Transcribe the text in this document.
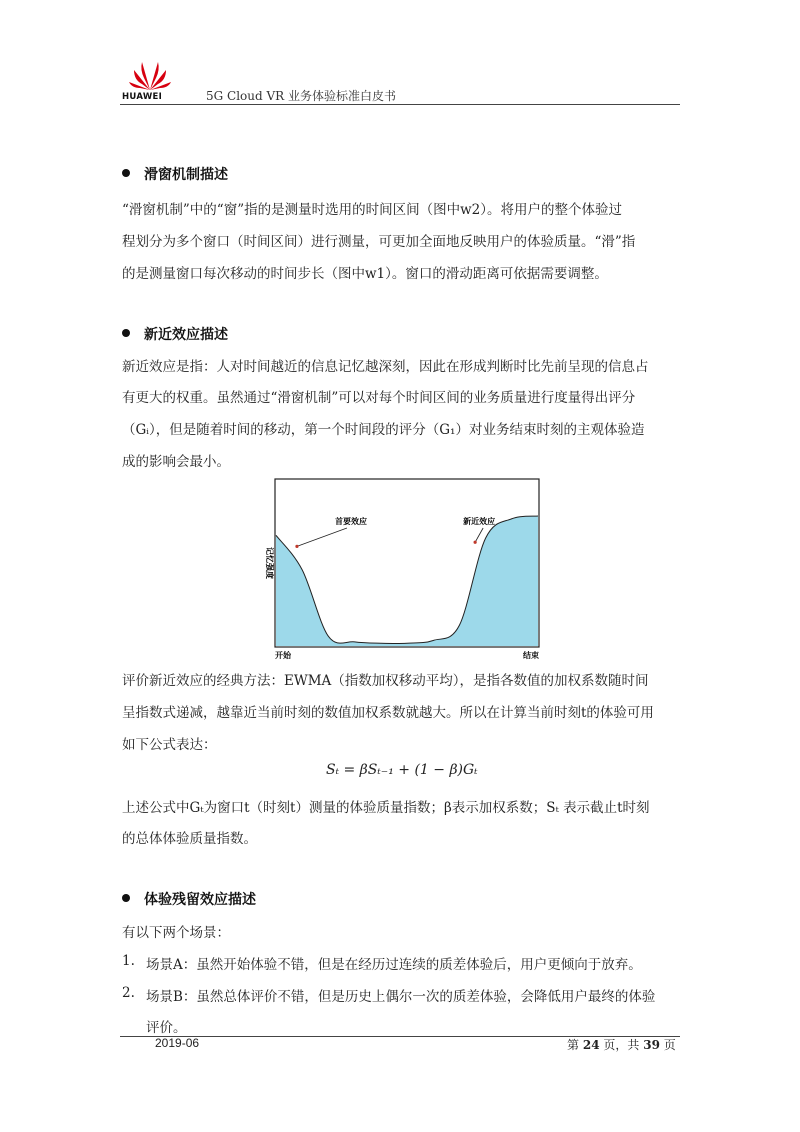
HUAWEI	5G Cloud VR 业务体验标准白皮书
滑窗机制描述
“滑窗机制”中的“窗”指的是测量时选用的时间区间（图中w2）。将用户的整个体验过
程划分为多个窗口（时间区间）进行测量，可更加全面地反映用户的体验质量。“滑”指
的是测量窗口每次移动的时间步长（图中w1）。窗口的滑动距离可依据需要调整。
新近效应描述
新近效应是指：人对时间越近的信息记忆越深刻，因此在形成判断时比先前呈现的信息占
有更大的权重。虽然通过“滑窗机制”可以对每个时间区间的业务质量进行度量得出评分
（Gᵢ），但是随着时间的移动，第一个时间段的评分（G₁）对业务结束时刻的主观体验造
成的影响会最小。
记忆强度
开始	结束
首要效应	新近效应
评价新近效应的经典方法：EWMA（指数加权移动平均），是指各数值的加权系数随时间
呈指数式递减，越靠近当前时刻的数值加权系数就越大。所以在计算当前时刻t的体验可用
如下公式表达：
Sₜ = βSₜ₋₁ + (1 − β)Gₜ
上述公式中Gₜ为窗口t（时刻t）测量的体验质量指数；β表示加权系数；Sₜ 表示截止t时刻
的总体体验质量指数。
体验残留效应描述
有以下两个场景：
1. 场景A：虽然开始体验不错，但是在经历过连续的质差体验后，用户更倾向于放弃。
2. 场景B：虽然总体评价不错，但是历史上偶尔一次的质差体验，会降低用户最终的体验
评价。
2019-06	第 24 页，共 39 页
